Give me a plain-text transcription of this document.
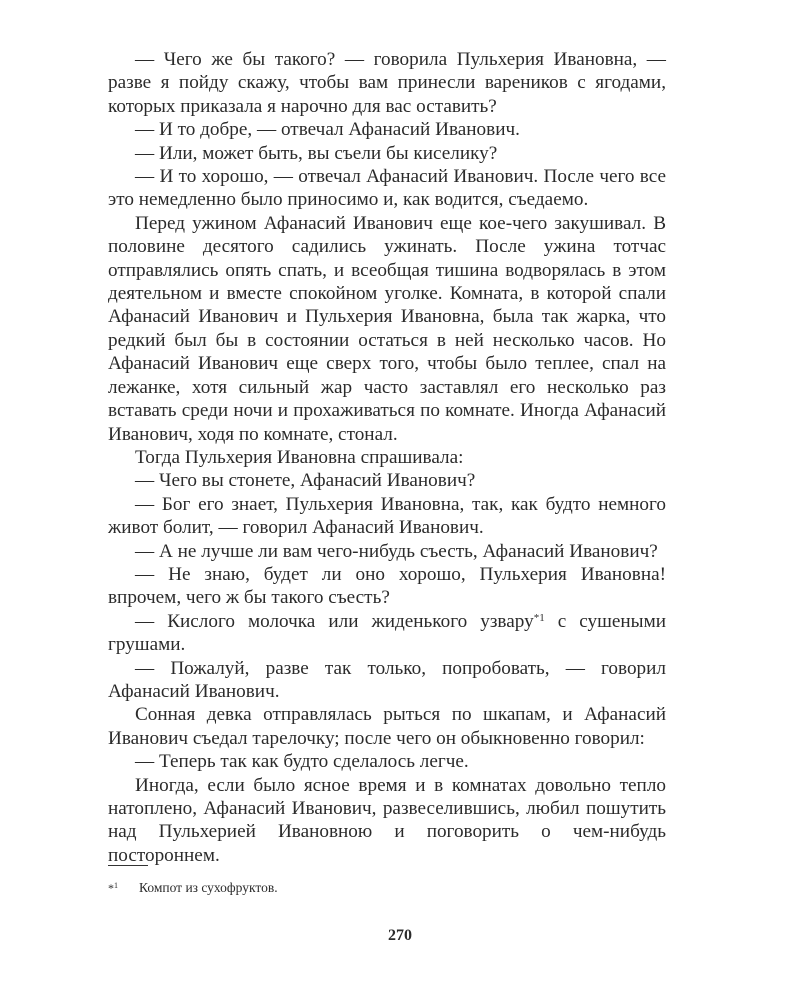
— Чего же бы такого? — говорила Пульхерия Ивановна, — разве я пойду скажу, чтобы вам принесли вареников с ягодами, которых приказала я нарочно для вас оставить?

— И то добре, — отвечал Афанасий Иванович.

— Или, может быть, вы съели бы киселику?

— И то хорошо, — отвечал Афанасий Иванович. После чего все это немедленно было приносимо и, как водится, съедаемо.

Перед ужином Афанасий Иванович еще кое-чего закушивал. В половине десятого садились ужинать. После ужина тотчас отправлялись опять спать, и всеобщая тишина водворялась в этом деятельном и вместе спокойном уголке. Комната, в которой спали Афанасий Иванович и Пульхерия Ивановна, была так жарка, что редкий был бы в состоянии остаться в ней несколько часов. Но Афанасий Иванович еще сверх того, чтобы было теплее, спал на лежанке, хотя сильный жар часто заставлял его несколько раз вставать среди ночи и прохаживаться по комнате. Иногда Афанасий Иванович, ходя по комнате, стонал.

Тогда Пульхерия Ивановна спрашивала:

— Чего вы стонете, Афанасий Иванович?

— Бог его знает, Пульхерия Ивановна, так, как будто немного живот болит, — говорил Афанасий Иванович.

— А не лучше ли вам чего-нибудь съесть, Афанасий Иванович?

— Не знаю, будет ли оно хорошо, Пульхерия Ивановна! впрочем, чего ж бы такого съесть?

— Кислого молочка или жиденького узвару$^{*1}$ с сушеными грушами.

— Пожалуй, разве так только, попробовать, — говорил Афанасий Иванович.

Сонная девка отправлялась рыться по шкапам, и Афанасий Иванович съедал тарелочку; после чего он обыкновенно говорил:

— Теперь так как будто сделалось легче.

Иногда, если было ясное время и в комнатах довольно тепло натоплено, Афанасий Иванович, развеселившись, любил пошутить над Пульхерией Ивановною и поговорить о чем-нибудь постороннем.

*$^1$ Компот из сухофруктов.
270
